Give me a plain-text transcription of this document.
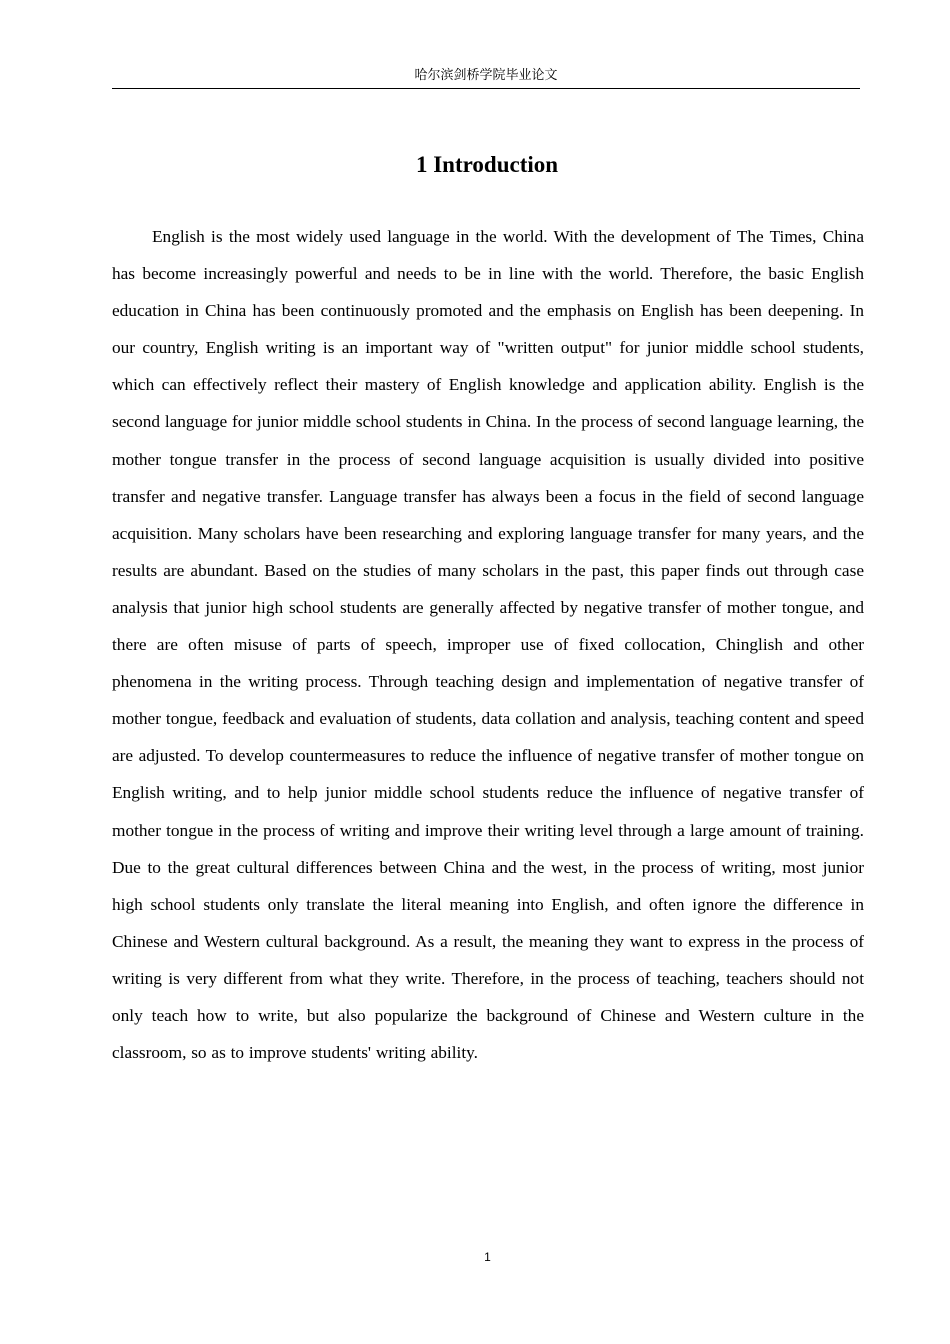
哈尔滨剑桥学院毕业论文
1 Introduction

English is the most widely used language in the world. With the development of The Times, China has become increasingly powerful and needs to be in line with the world. Therefore, the basic English education in China has been continuously promoted and the emphasis on English has been deepening. In our country, English writing is an important way of "written output" for junior middle school students, which can effectively reflect their mastery of English knowledge and application ability. English is the second language for junior middle school students in China. In the process of second language learning, the mother tongue transfer in the process of second language acquisition is usually divided into positive transfer and negative transfer. Language transfer has always been a focus in the field of second language acquisition. Many scholars have been researching and exploring language transfer for many years, and the results are abundant. Based on the studies of many scholars in the past, this paper finds out through case analysis that junior high school students are generally affected by negative transfer of mother tongue, and there are often misuse of parts of speech, improper use of fixed collocation, Chinglish and other phenomena in the writing process. Through teaching design and implementation of negative transfer of mother tongue, feedback and evaluation of students, data collation and analysis, teaching content and speed are adjusted. To develop countermeasures to reduce the influence of negative transfer of mother tongue on English writing, and to help junior middle school students reduce the influence of negative transfer of mother tongue in the process of writing and improve their writing level through a large amount of training. Due to the great cultural differences between China and the west, in the process of writing, most junior high school students only translate the literal meaning into English, and often ignore the difference in Chinese and Western cultural background. As a result, the meaning they want to express in the process of writing is very different from what they write. Therefore, in the process of teaching, teachers should not only teach how to write, but also popularize the background of Chinese and Western culture in the classroom, so as to improve students' writing ability.

1
